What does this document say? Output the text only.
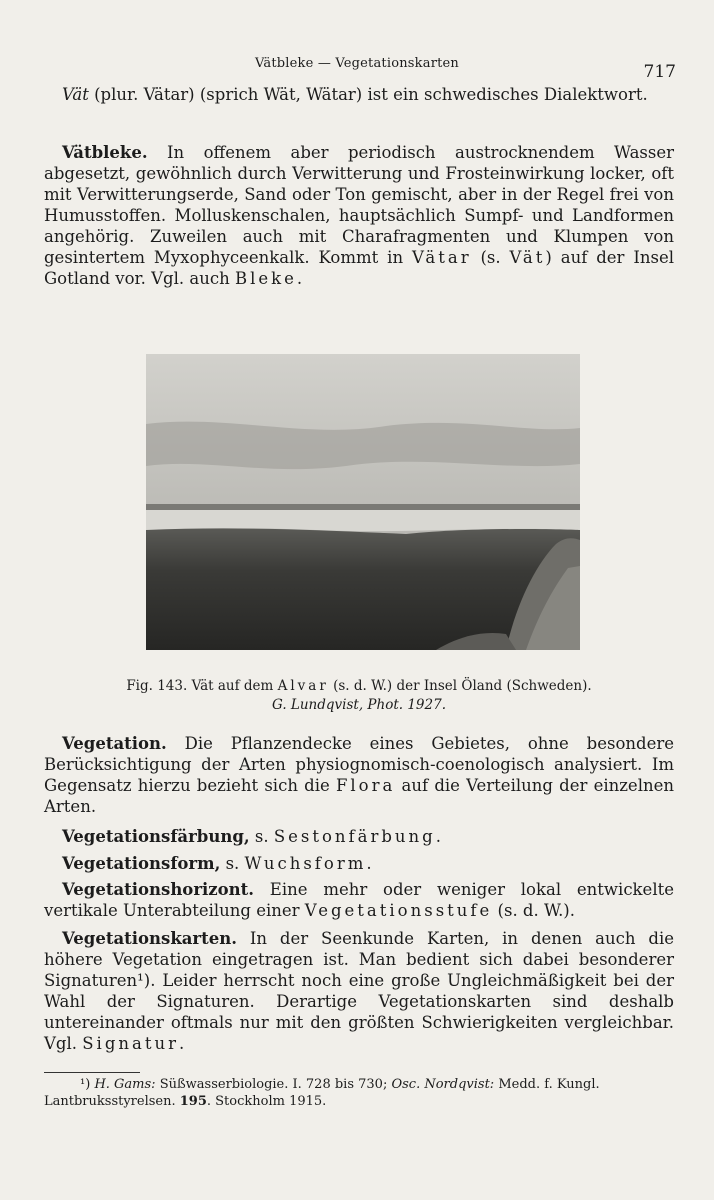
Vätbleke — Vegetationskarten	717

Vät (plur. Vätar) (sprich Wät, Wätar) ist ein schwedisches Dialektwort.

Vätbleke. In offenem aber periodisch austrocknendem Wasser abgesetzt, gewöhnlich durch Verwitterung und Frosteinwirkung locker, oft mit Verwitterungserde, Sand oder Ton gemischt, aber in der Regel frei von Humusstoffen. Molluskenschalen, hauptsächlich Sumpf- und Landformen angehörig. Zuweilen auch mit Charafragmenten und Klumpen von gesintertem Myxophyceenkalk. Kommt in Vätar (s. Vät) auf der Insel Gotland vor. Vgl. auch Bleke.

Fig. 143. Vät auf dem Alvar (s. d. W.) der Insel Öland (Schweden).
G. Lundqvist, Phot. 1927.

Vegetation. Die Pflanzendecke eines Gebietes, ohne besondere Berücksichtigung der Arten physiognomisch-coenologisch analysiert. Im Gegensatz hierzu bezieht sich die Flora auf die Verteilung der einzelnen Arten.

Vegetationsfärbung, s. Sestonfärbung.

Vegetationsform, s. Wuchsform.

Vegetationshorizont. Eine mehr oder weniger lokal entwickelte vertikale Unterabteilung einer Vegetationsstufe (s. d. W.).

Vegetationskarten. In der Seenkunde Karten, in denen auch die höhere Vegetation eingetragen ist. Man bedient sich dabei besonderer Signaturen¹). Leider herrscht noch eine große Ungleichmäßigkeit bei der Wahl der Signaturen. Derartige Vegetationskarten sind deshalb untereinander oftmals nur mit den größten Schwierigkeiten vergleichbar. Vgl. Signatur.

¹) H. Gams: Süßwasserbiologie. I. 728 bis 730; Osc. Nordqvist: Medd. f. Kungl. Lantbruksstyrelsen. 195. Stockholm 1915.
